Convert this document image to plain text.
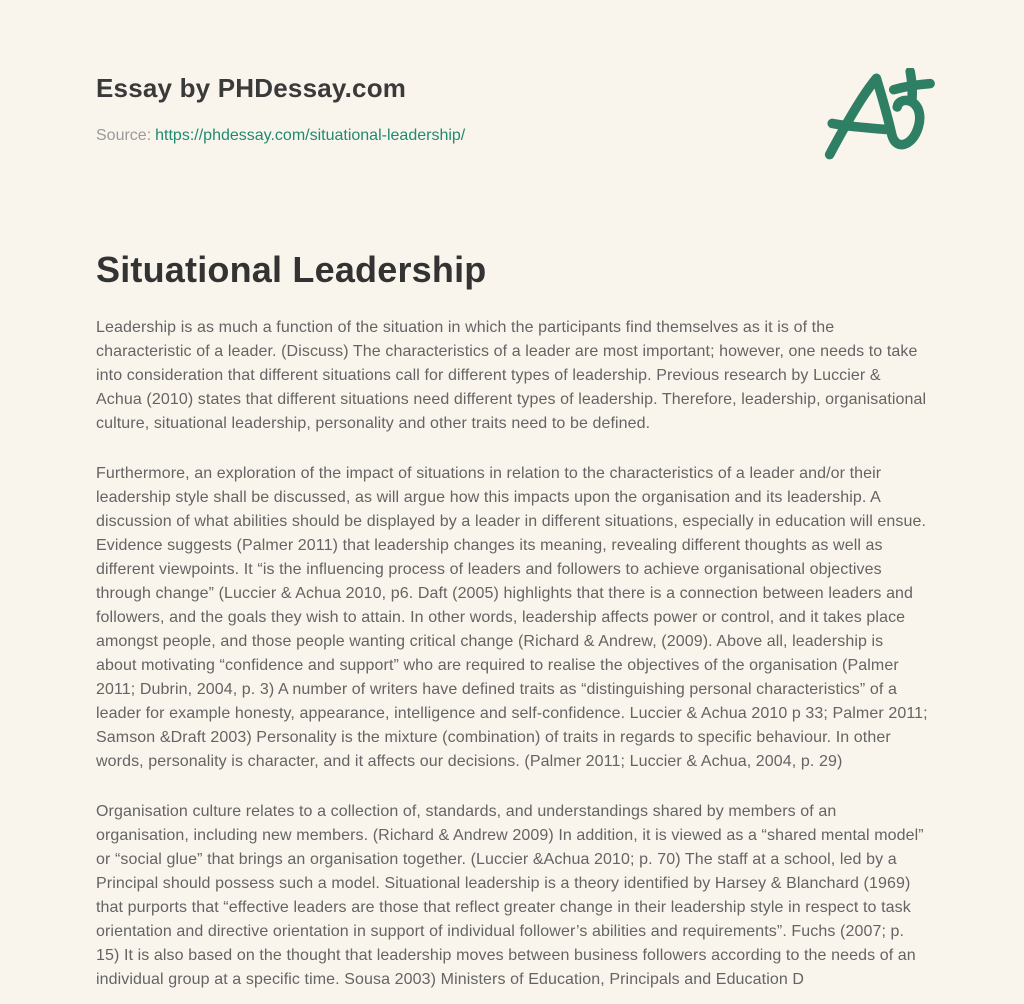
Essay by PHDessay.com
Source: https://phdessay.com/situational-leadership/
Situational Leadership

Leadership is as much a function of the situation in which the participants find themselves as it is of the characteristic of a leader. (Discuss) The characteristics of a leader are most important; however, one needs to take into consideration that different situations call for different types of leadership. Previous research by Luccier & Achua (2010) states that different situations need different types of leadership. Therefore, leadership, organisational culture, situational leadership, personality and other traits need to be defined.

Furthermore, an exploration of the impact of situations in relation to the characteristics of a leader and/or their leadership style shall be discussed, as will argue how this impacts upon the organisation and its leadership. A discussion of what abilities should be displayed by a leader in different situations, especially in education will ensue. Evidence suggests (Palmer 2011) that leadership changes its meaning, revealing different thoughts as well as different viewpoints. It “is the influencing process of leaders and followers to achieve organisational objectives through change” (Luccier & Achua 2010, p6. Daft (2005) highlights that there is a connection between leaders and followers, and the goals they wish to attain. In other words, leadership affects power or control, and it takes place amongst people, and those people wanting critical change (Richard & Andrew, (2009). Above all, leadership is about motivating “confidence and support” who are required to realise the objectives of the organisation (Palmer 2011; Dubrin, 2004, p. 3) A number of writers have defined traits as “distinguishing personal characteristics” of a leader for example honesty, appearance, intelligence and self-confidence. Luccier & Achua 2010 p 33; Palmer 2011; Samson &Draft 2003) Personality is the mixture (combination) of traits in regards to specific behaviour. In other words, personality is character, and it affects our decisions. (Palmer 2011; Luccier & Achua, 2004, p. 29)

Organisation culture relates to a collection of, standards, and understandings shared by members of an organisation, including new members. (Richard & Andrew 2009) In addition, it is viewed as a “shared mental model” or “social glue” that brings an organisation together. (Luccier &Achua 2010; p. 70) The staff at a school, led by a Principal should possess such a model. Situational leadership is a theory identified by Harsey & Blanchard (1969) that purports that “effective leaders are those that reflect greater change in their leadership style in respect to task orientation and directive orientation in support of individual follower’s abilities and requirements”. Fuchs (2007; p. 15) It is also based on the thought that leadership moves between business followers according to the needs of an individual group at a specific time. Sousa 2003) Ministers of Education, Principals and Education D
